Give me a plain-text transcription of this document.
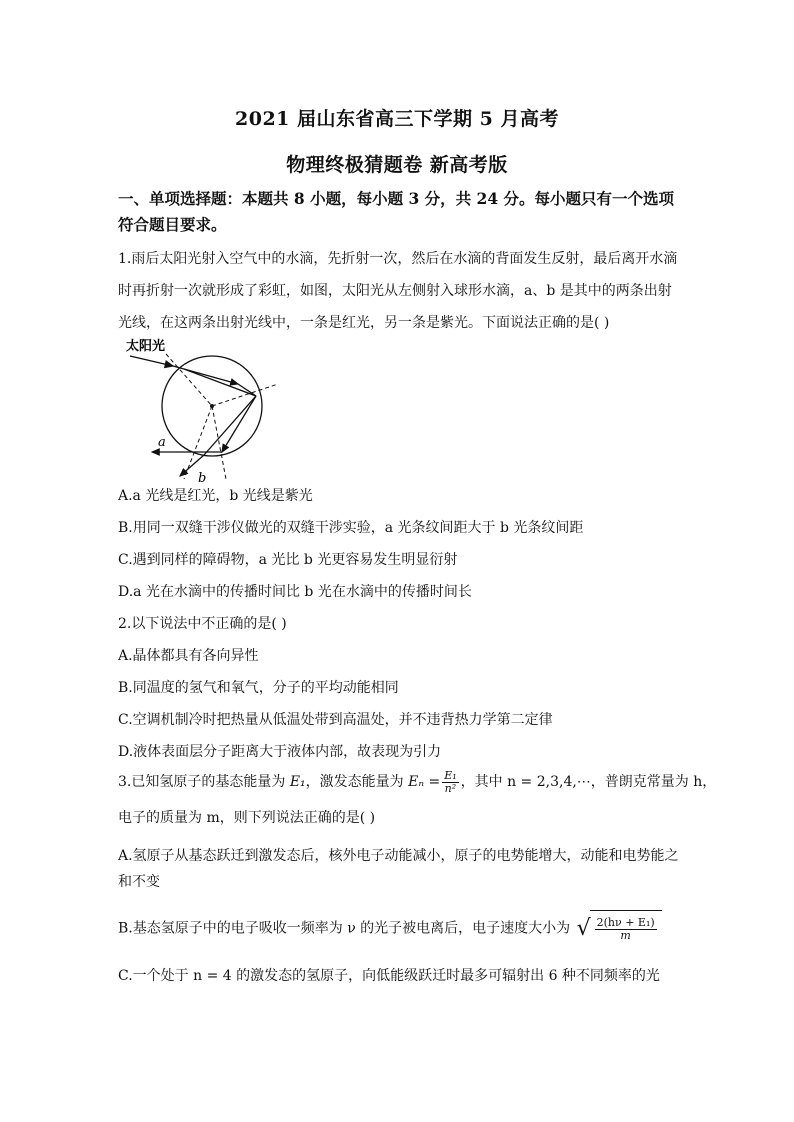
2021 届山东省高三下学期 5 月高考
物理终极猜题卷 新高考版
一、单项选择题：本题共 8 小题，每小题 3 分，共 24 分。每小题只有一个选项
符合题目要求。
1.雨后太阳光射入空气中的水滴，先折射一次，然后在水滴的背面发生反射，最后离开水滴
时再折射一次就形成了彩虹，如图，太阳光从左侧射入球形水滴，a、b 是其中的两条出射
光线，在这两条出射光线中，一条是红光，另一条是紫光。下面说法正确的是( )
太阳光
a
b
A.a 光线是红光，b 光线是紫光
B.用同一双缝干涉仪做光的双缝干涉实验，a 光条纹间距大于 b 光条纹间距
C.遇到同样的障碍物，a 光比 b 光更容易发生明显衍射
D.a 光在水滴中的传播时间比 b 光在水滴中的传播时间长
2.以下说法中不正确的是( )
A.晶体都具有各向异性
B.同温度的氢气和氧气，分子的平均动能相同
C.空调机制冷时把热量从低温处带到高温处，并不违背热力学第二定律
D.液体表面层分子距离大于液体内部，故表现为引力
3.已知氢原子的基态能量为 E₁，激发态能量为 $E_n = \frac{\text{E₁}}{\text{n²}}$ ，其中 n = 2,3,4,⋯，普朗克常量为 h，
电子的质量为 m，则下列说法正确的是( )
A.氢原子从基态跃迁到激发态后，核外电子动能减小，原子的电势能增大，动能和电势能之
和不变
B.基态氢原子中的电子吸收一频率为 ν 的光子被电离后，电子速度大小为 √ $\frac{\text{2(hν + E₁)}}{m}$
C.一个处于 n = 4 的激发态的氢原子，向低能级跃迁时最多可辐射出 6 种不同频率的光
